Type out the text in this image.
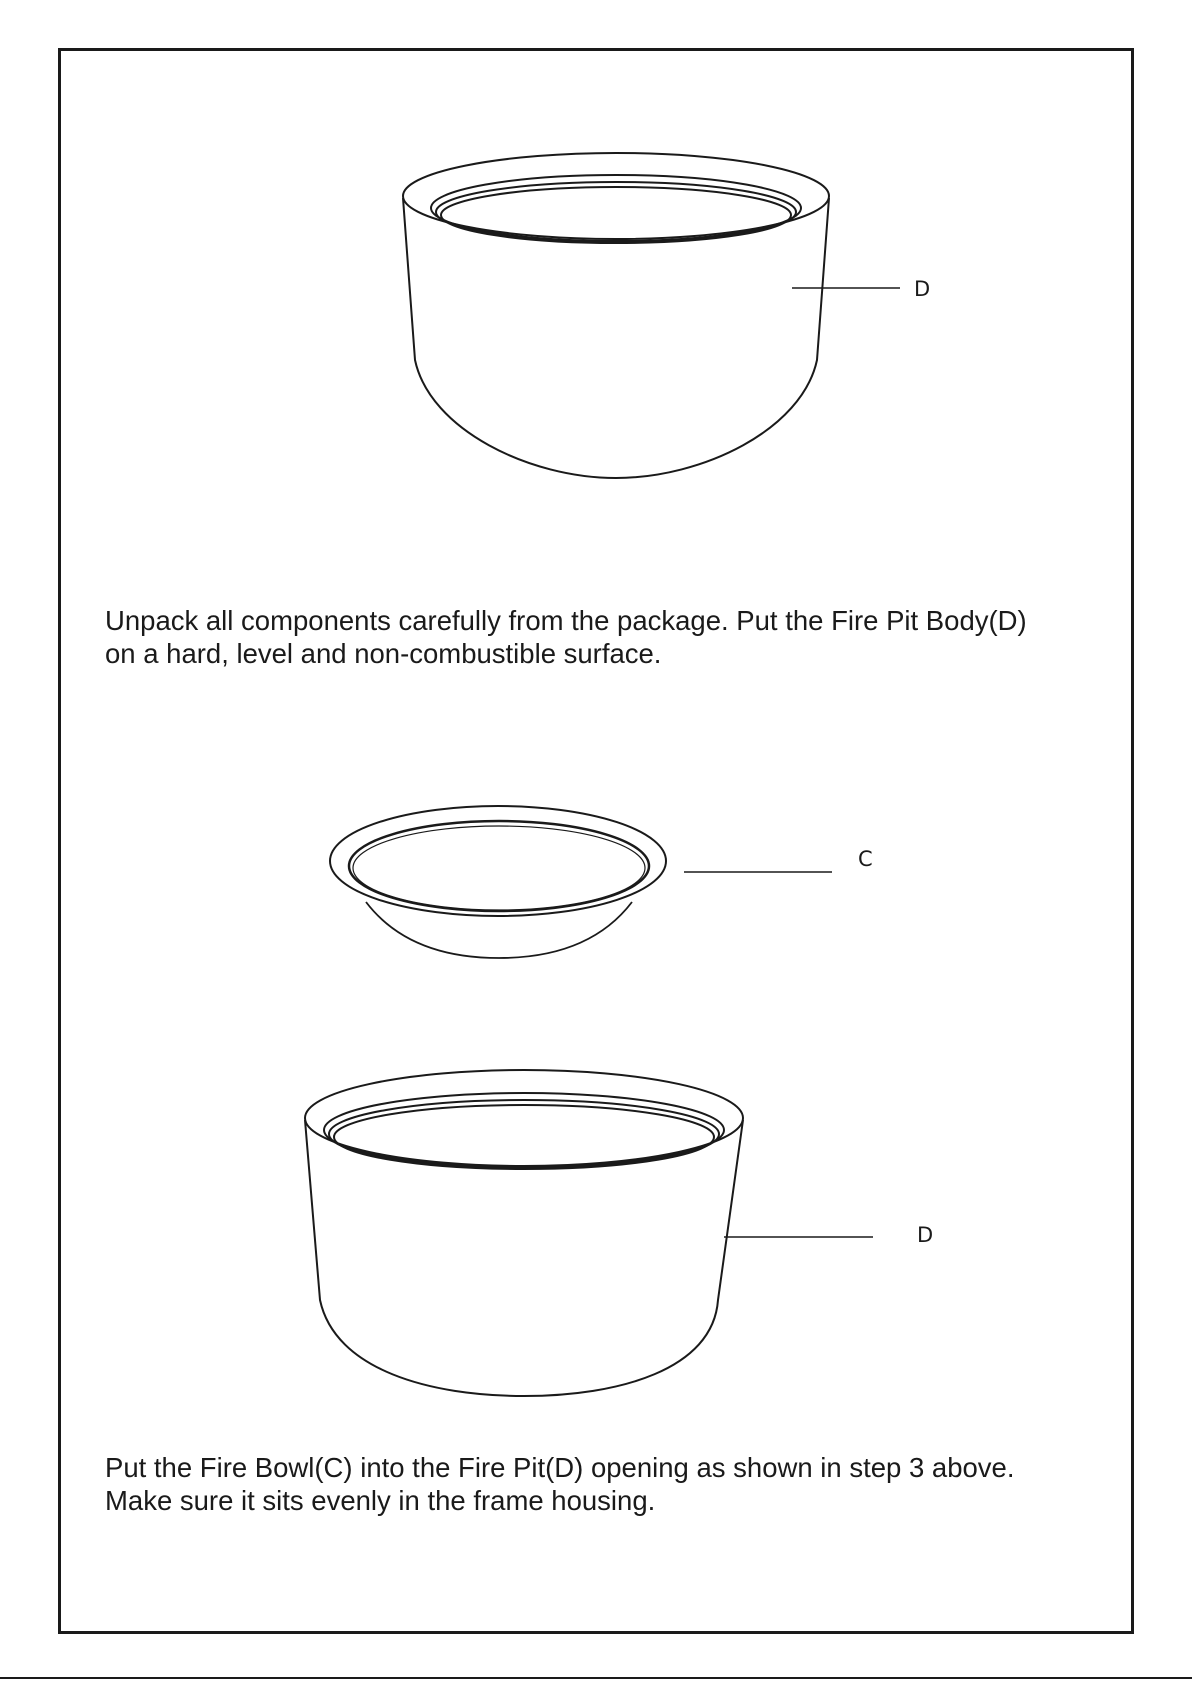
D

Unpack all components carefully from the package. Put the Fire Pit Body(D)
on a hard, level and non-combustible surface.

C
D

Put the Fire Bowl(C) into the Fire Pit(D) opening as shown in step 3 above.
Make sure it sits evenly in the frame housing.
